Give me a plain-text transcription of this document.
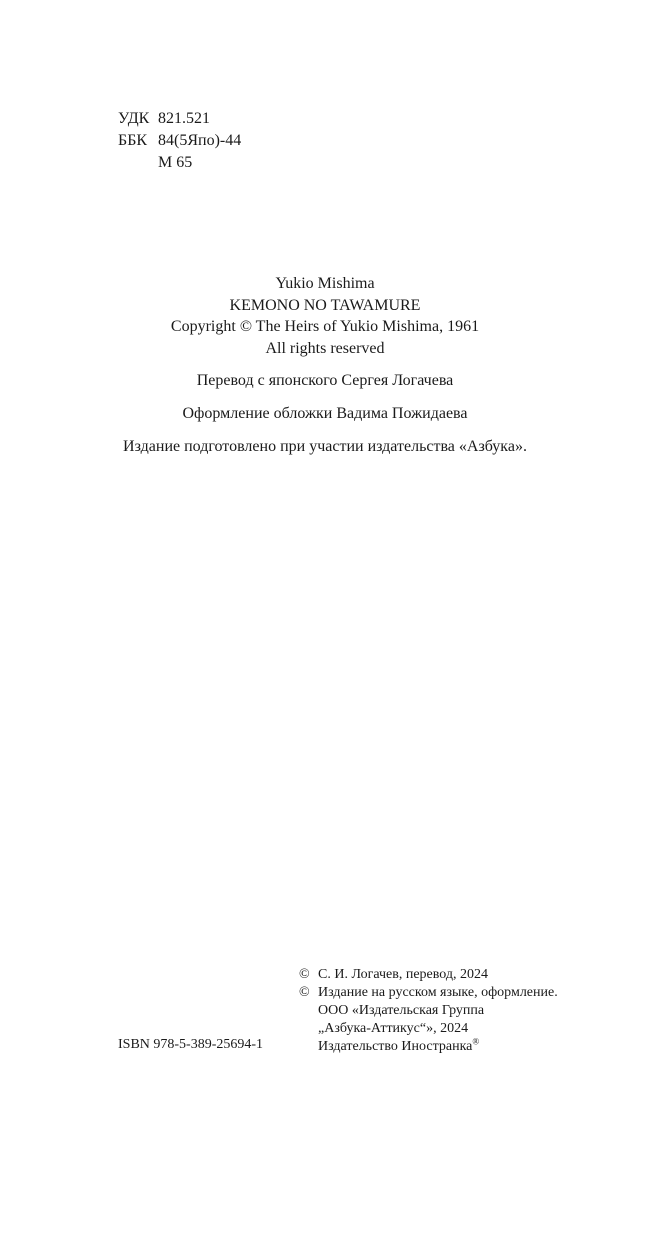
УДК 821.521
ББК 84(5Япо)-44
М 65
Yukio Mishima
KEMONO NO TAWAMURE
Copyright © The Heirs of Yukio Mishima, 1961
All rights reserved
Перевод с японского Сергея Логачева
Оформление обложки Вадима Пожидаева
Издание подготовлено при участии издательства «Азбука».
© С. И. Логачев, перевод, 2024
© Издание на русском языке, оформление.
ООО «Издательская Группа
„Азбука-Аттикус“», 2024
Издательство Иностранка®
ISBN 978-5-389-25694-1
